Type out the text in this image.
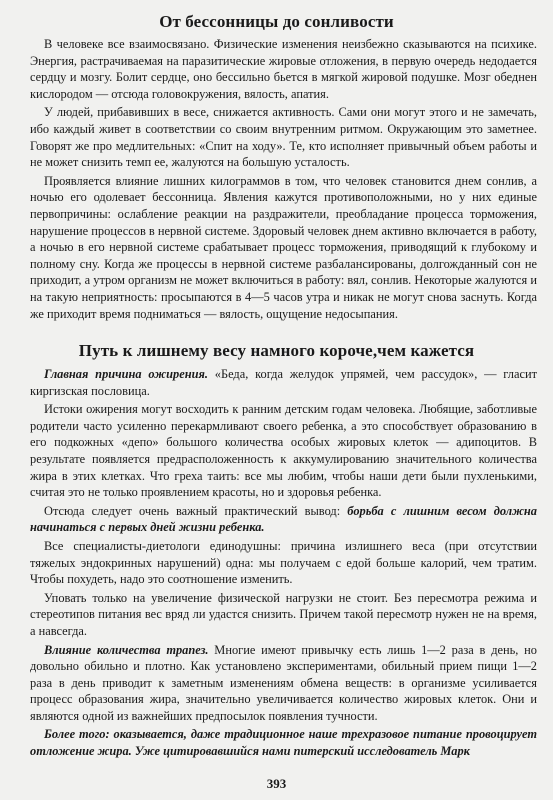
От бессонницы до сонливости

В человеке все взаимосвязано. Физические изменения неизбежно сказываются на психике. Энергия, растрачиваемая на паразитические жировые отложения, в первую очередь недодается сердцу и мозгу. Болит сердце, оно бессильно бьется в мягкой жировой подушке. Мозг обеднен кислородом — отсюда головокружения, вялость, апатия.

У людей, прибавивших в весе, снижается активность. Сами они могут этого и не замечать, ибо каждый живет в соответствии со своим внутренним ритмом. Окружающим это заметнее. Говорят же про медлительных: «Спит на ходу». Те, кто исполняет привычный объем работы и не может снизить темп ее, жалуются на большую усталость.

Проявляется влияние лишних килограммов в том, что человек становится днем сонлив, а ночью его одолевает бессонница. Явления кажутся противоположными, но у них единые первопричины: ослабление реакции на раздражители, преобладание процесса торможения, нарушение процессов в нервной системе. Здоровый человек днем активно включается в работу, а ночью в его нервной системе срабатывает процесс торможения, приводящий к глубокому и полному сну. Когда же процессы в нервной системе разбалансированы, долгожданный сон не приходит, а утром организм не может включиться в работу: вял, сонлив. Некоторые жалуются и на такую неприятность: просыпаются в 4—5 часов утра и никак не могут снова заснуть. Когда же приходит время подниматься — вялость, ощущение недосыпания.

Путь к лишнему весу намного короче,чем кажется

Главная причина ожирения. «Беда, когда желудок упрямей, чем рассудок», — гласит киргизская пословица.

Истоки ожирения могут восходить к ранним детским годам человека. Любящие, заботливые родители часто усиленно перекармливают своего ребенка, а это способствует образованию в его подкожных «депо» большого количества особых жировых клеток — адипоцитов. В результате появляется предрасположенность к аккумулированию значительного количества жира в этих клетках. Что греха таить: все мы любим, чтобы наши дети были пухленькими, считая это не только проявлением красоты, но и здоровья ребенка.

Отсюда следует очень важный практический вывод: борьба с лишним весом должна начинаться с первых дней жизни ребенка.

Все специалисты-диетологи единодушны: причина излишнего веса (при отсутствии тяжелых эндокринных нарушений) одна: мы получаем с едой больше калорий, чем тратим. Чтобы похудеть, надо это соотношение изменить.

Уповать только на увеличение физической нагрузки не стоит. Без пересмотра режима и стереотипов питания вес вряд ли удастся снизить. Причем такой пересмотр нужен не на время, а навсегда.

Влияние количества трапез. Многие имеют привычку есть лишь 1—2 раза в день, но довольно обильно и плотно. Как установлено экспериментами, обильный прием пищи 1—2 раза в день приводит к заметным изменениям обмена веществ: в организме усиливается процесс образования жира, значительно увеличивается количество жировых клеток. Они и являются одной из важнейших предпосылок появления тучности.

Более того: оказывается, даже традиционное наше трехразовое питание провоцирует отложение жира. Уже цитировавшийся нами питерский исследователь Марк

393
